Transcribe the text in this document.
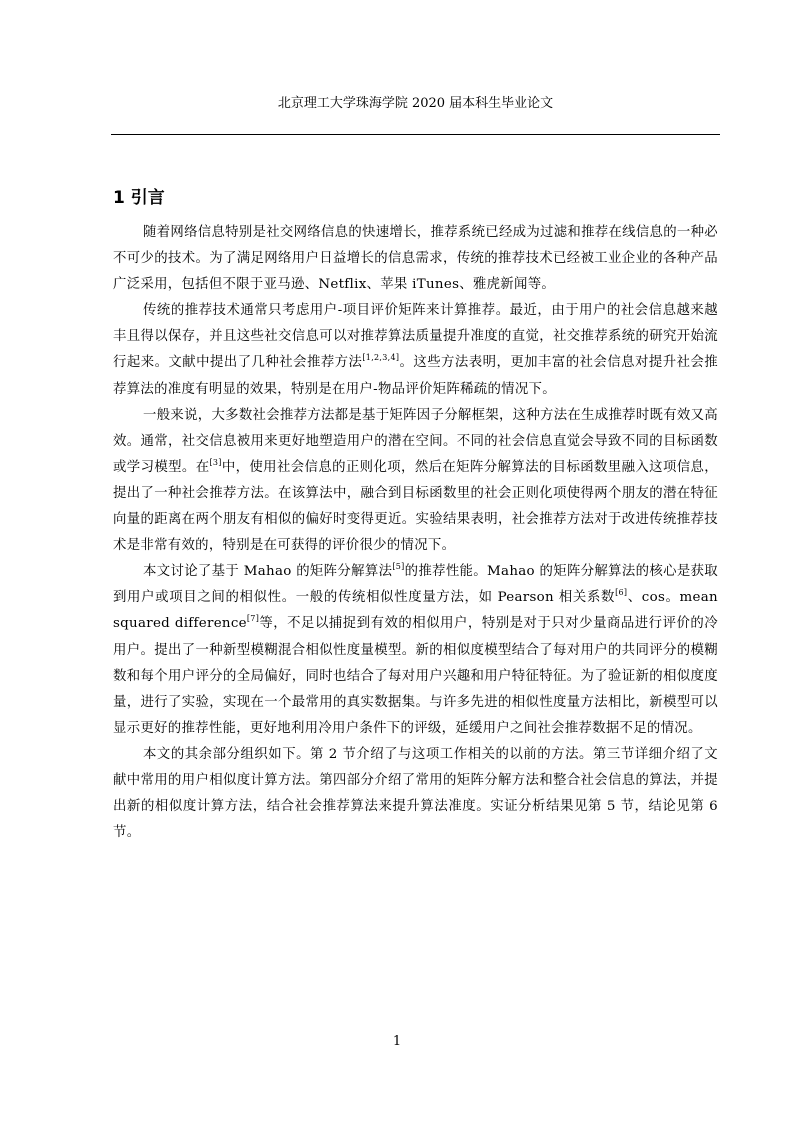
北京理工大学珠海学院 2020 届本科生毕业论文
1 引言

随着网络信息特别是社交网络信息的快速增长，推荐系统已经成为过滤和推荐在线信息的一种必不可少的技术。为了满足网络用户日益增长的信息需求，传统的推荐技术已经被工业企业的各种产品广泛采用，包括但不限于亚马逊、Netflix、苹果 iTunes、雅虎新闻等。

传统的推荐技术通常只考虑用户-项目评价矩阵来计算推荐。最近，由于用户的社会信息越来越丰且得以保存，并且这些社交信息可以对推荐算法质量提升准度的直觉，社交推荐系统的研究开始流行起来。文献中提出了几种社会推荐方法[1,2,3,4]。这些方法表明，更加丰富的社会信息对提升社会推荐算法的准度有明显的效果，特别是在用户-物品评价矩阵稀疏的情况下。

一般来说，大多数社会推荐方法都是基于矩阵因子分解框架，这种方法在生成推荐时既有效又高效。通常，社交信息被用来更好地塑造用户的潜在空间。不同的社会信息直觉会导致不同的目标函数或学习模型。在[3]中，使用社会信息的正则化项，然后在矩阵分解算法的目标函数里融入这项信息，提出了一种社会推荐方法。在该算法中，融合到目标函数里的社会正则化项使得两个朋友的潜在特征向量的距离在两个朋友有相似的偏好时变得更近。实验结果表明，社会推荐方法对于改进传统推荐技术是非常有效的，特别是在可获得的评价很少的情况下。

本文讨论了基于 Mahao 的矩阵分解算法[5]的推荐性能。Mahao 的矩阵分解算法的核心是获取到用户或项目之间的相似性。一般的传统相似性度量方法，如 Pearson 相关系数[6]、cos。mean squared difference[7]等，不足以捕捉到有效的相似用户，特别是对于只对少量商品进行评价的冷用户。提出了一种新型模糊混合相似性度量模型。新的相似度模型结合了每对用户的共同评分的模糊数和每个用户评分的全局偏好，同时也结合了每对用户兴趣和用户特征特征。为了验证新的相似度度量，进行了实验，实现在一个最常用的真实数据集。与许多先进的相似性度量方法相比，新模型可以显示更好的推荐性能，更好地利用冷用户条件下的评级，延缓用户之间社会推荐数据不足的情况。

本文的其余部分组织如下。第 2 节介绍了与这项工作相关的以前的方法。第三节详细介绍了文献中常用的用户相似度计算方法。第四部分介绍了常用的矩阵分解方法和整合社会信息的算法，并提出新的相似度计算方法，结合社会推荐算法来提升算法准度。实证分析结果见第 5 节，结论见第 6 节。

1
